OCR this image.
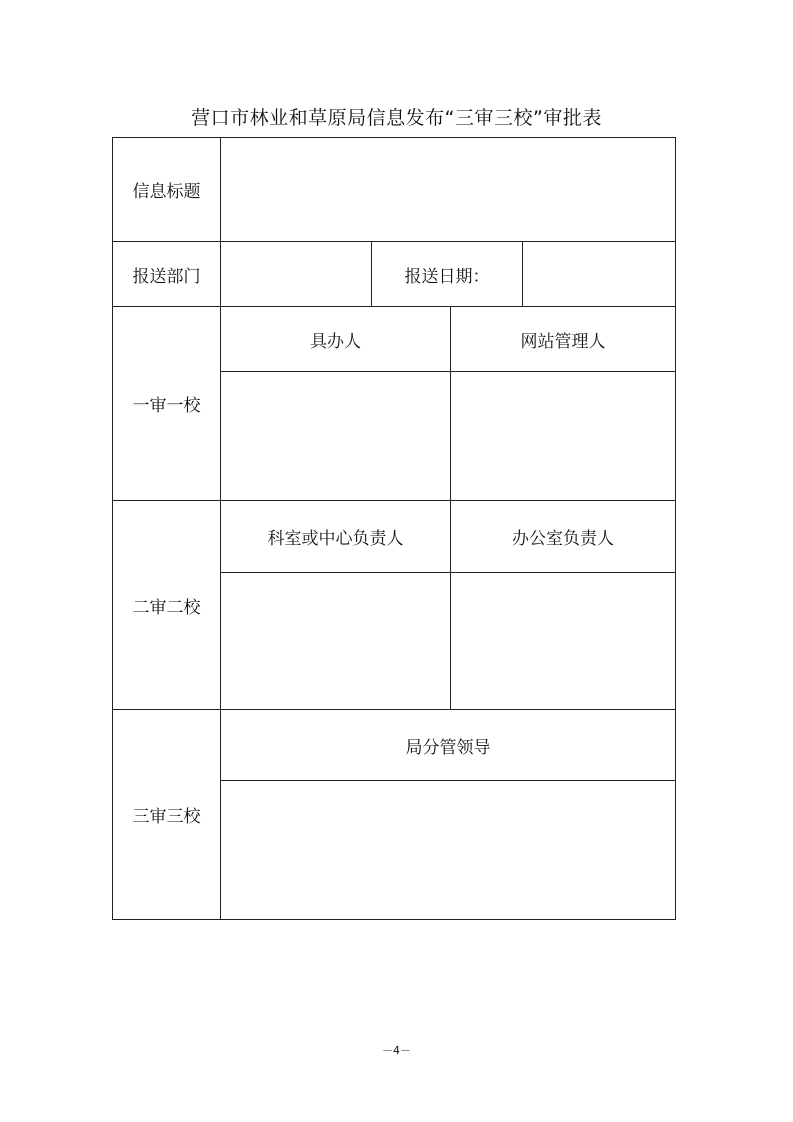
营口市林业和草原局信息发布“三审三校”审批表
信息标题				
报送部门		报送日期：		
一审一校	具办人		网站管理人	

二审二校	科室或中心负责人		办公室负责人	

三审三校	局分管领导			

－4－
